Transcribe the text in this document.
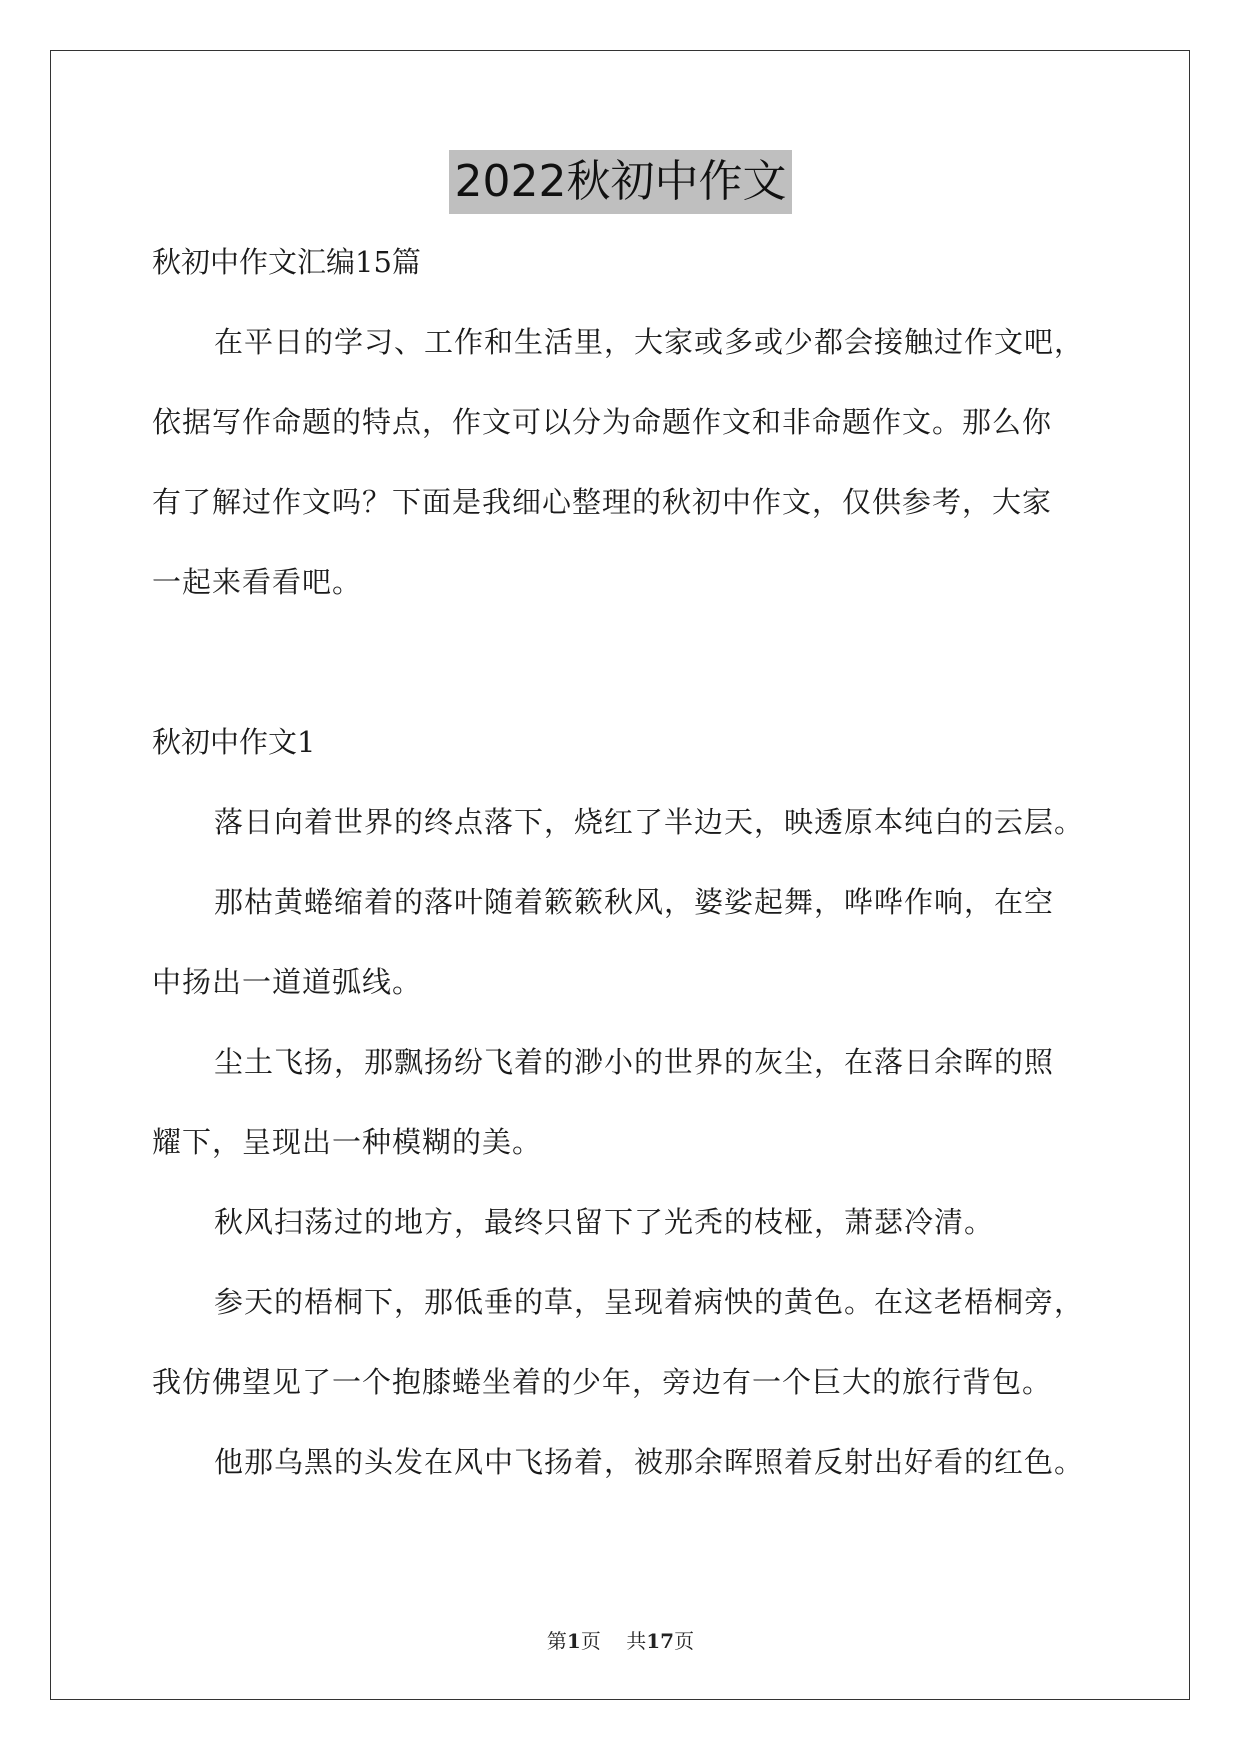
2022秋初中作文
秋初中作文汇编15篇
在平日的学习、工作和生活里，大家或多或少都会接触过作文吧，
依据写作命题的特点，作文可以分为命题作文和非命题作文。那么你
有了解过作文吗？下面是我细心整理的秋初中作文，仅供参考，大家
一起来看看吧。
秋初中作文1
落日向着世界的终点落下，烧红了半边天，映透原本纯白的云层。
那枯黄蜷缩着的落叶随着簌簌秋风，婆娑起舞，哗哗作响，在空
中扬出一道道弧线。
尘土飞扬，那飘扬纷飞着的渺小的世界的灰尘，在落日余晖的照
耀下，呈现出一种模糊的美。
秋风扫荡过的地方，最终只留下了光秃的枝桠，萧瑟冷清。
参天的梧桐下，那低垂的草，呈现着病怏的黄色。在这老梧桐旁，
我仿佛望见了一个抱膝蜷坐着的少年，旁边有一个巨大的旅行背包。
他那乌黑的头发在风中飞扬着，被那余晖照着反射出好看的红色。
第1页 共17页
